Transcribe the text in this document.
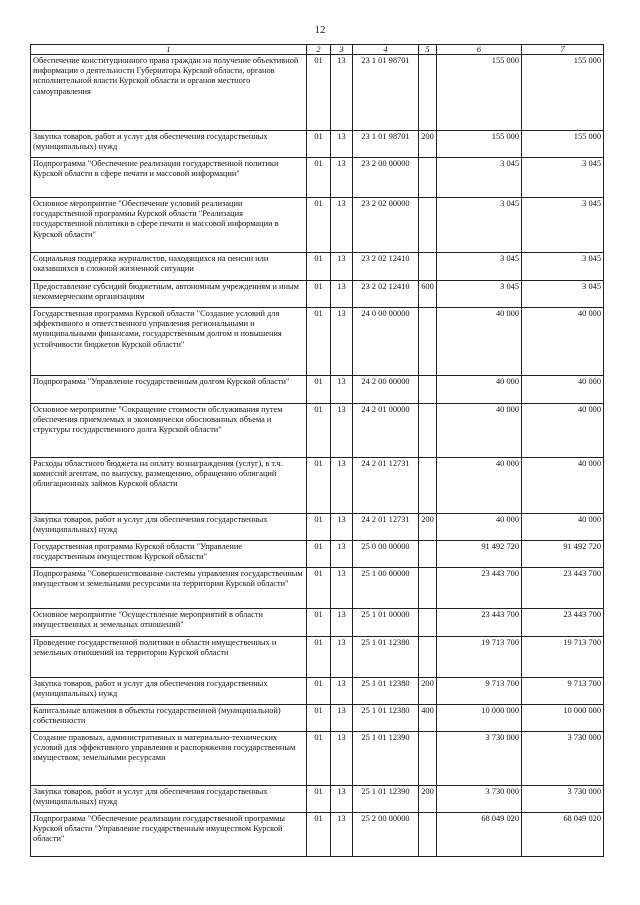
12
1	2	3	4	5	6	7
Обеспечение конституционного права граждан на получение объективной информации о деятельности Губернатора Курской области, органов исполнительной власти Курской области и органов местного самоуправления	01	13	23 1 01 98701		155 000	155 000
Закупка товаров, работ и услуг для обеспечения государственных (муниципальных) нужд	01	13	23 1 01 98701	200	155 000	155 000
Подпрограмма "Обеспечение реализации государственной политики Курской области в сфере печати и массовой информации"	01	13	23 2 00 00000		3 045	3 045
Основное мероприятие "Обеспечение условий реализации государственной программы Курской области "Реализация государственной политики в сфере печати и массовой информации в Курской области"	01	13	23 2 02 00000		3 045	3 045
Социальная поддержка журналистов, находящихся на пенсии или оказавшихся в сложной жизненной ситуации	01	13	23 2 02 12410		3 045	3 045
Предоставление субсидий бюджетным, автономным учреждениям и иным некоммерческим организациям	01	13	23 2 02 12410	600	3 045	3 045
Государственная программа Курской области "Создание условий для эффективного и ответственного управления региональными и муниципальными финансами, государственным долгом и повышения устойчивости бюджетов Курской области"	01	13	24 0 00 00000		40 000	40 000
Подпрограмма "Управление государственным долгом Курской области"	01	13	24 2 00 00000		40 000	40 000
Основное мероприятие "Сокращение стоимости обслуживания путем обеспечения приемлемых и экономически обоснованных объема и структуры государственного долга Курской области"	01	13	24 2 01 00000		40 000	40 000
Расходы областного бюджета на оплату вознаграждения (услуг), в т.ч. комиссий агентам, по выпуску, размещению, обращению облигаций облигационных займов Курской области	01	13	24 2 01 12731		40 000	40 000
Закупка товаров, работ и услуг для обеспечения государственных (муниципальных) нужд	01	13	24 2 01 12731	200	40 000	40 000
Государственная программа Курской области "Управление государственным имуществом Курской области"	01	13	25 0 00 00000		91 492 720	91 492 720
Подпрограмма "Совершенствование системы управления государственным имуществом и земельными ресурсами на территории Курской области"	01	13	25 1 00 00000		23 443 700	23 443 700
Основное мероприятие "Осуществление мероприятий в области имущественных и земельных отношений"	01	13	25 1 01 00000		23 443 700	23 443 700
Проведение государственной политики в области имущественных и земельных отношений на территории Курской области	01	13	25 1 01 12380		19 713 700	19 713 700
Закупка товаров, работ и услуг для обеспечения государственных (муниципальных) нужд	01	13	25 1 01 12380	200	9 713 700	9 713 700
Капитальные вложения в объекты государственной (муниципальной) собственности	01	13	25 1 01 12380	400	10 000 000	10 000 000
Создание правовых, административных и материально-технических условий для эффективного управления и распоряжения государственным имуществом, земельными ресурсами	01	13	25 1 01 12390		3 730 000	3 730 000
Закупка товаров, работ и услуг для обеспечения государственных (муниципальных) нужд	01	13	25 1 01 12390	200	3 730 000	3 730 000
Подпрограмма "Обеспечение реализации государственной программы Курской области "Управление государственным имуществом Курской области"	01	13	25 2 00 00000		68 049 020	68 049 020
